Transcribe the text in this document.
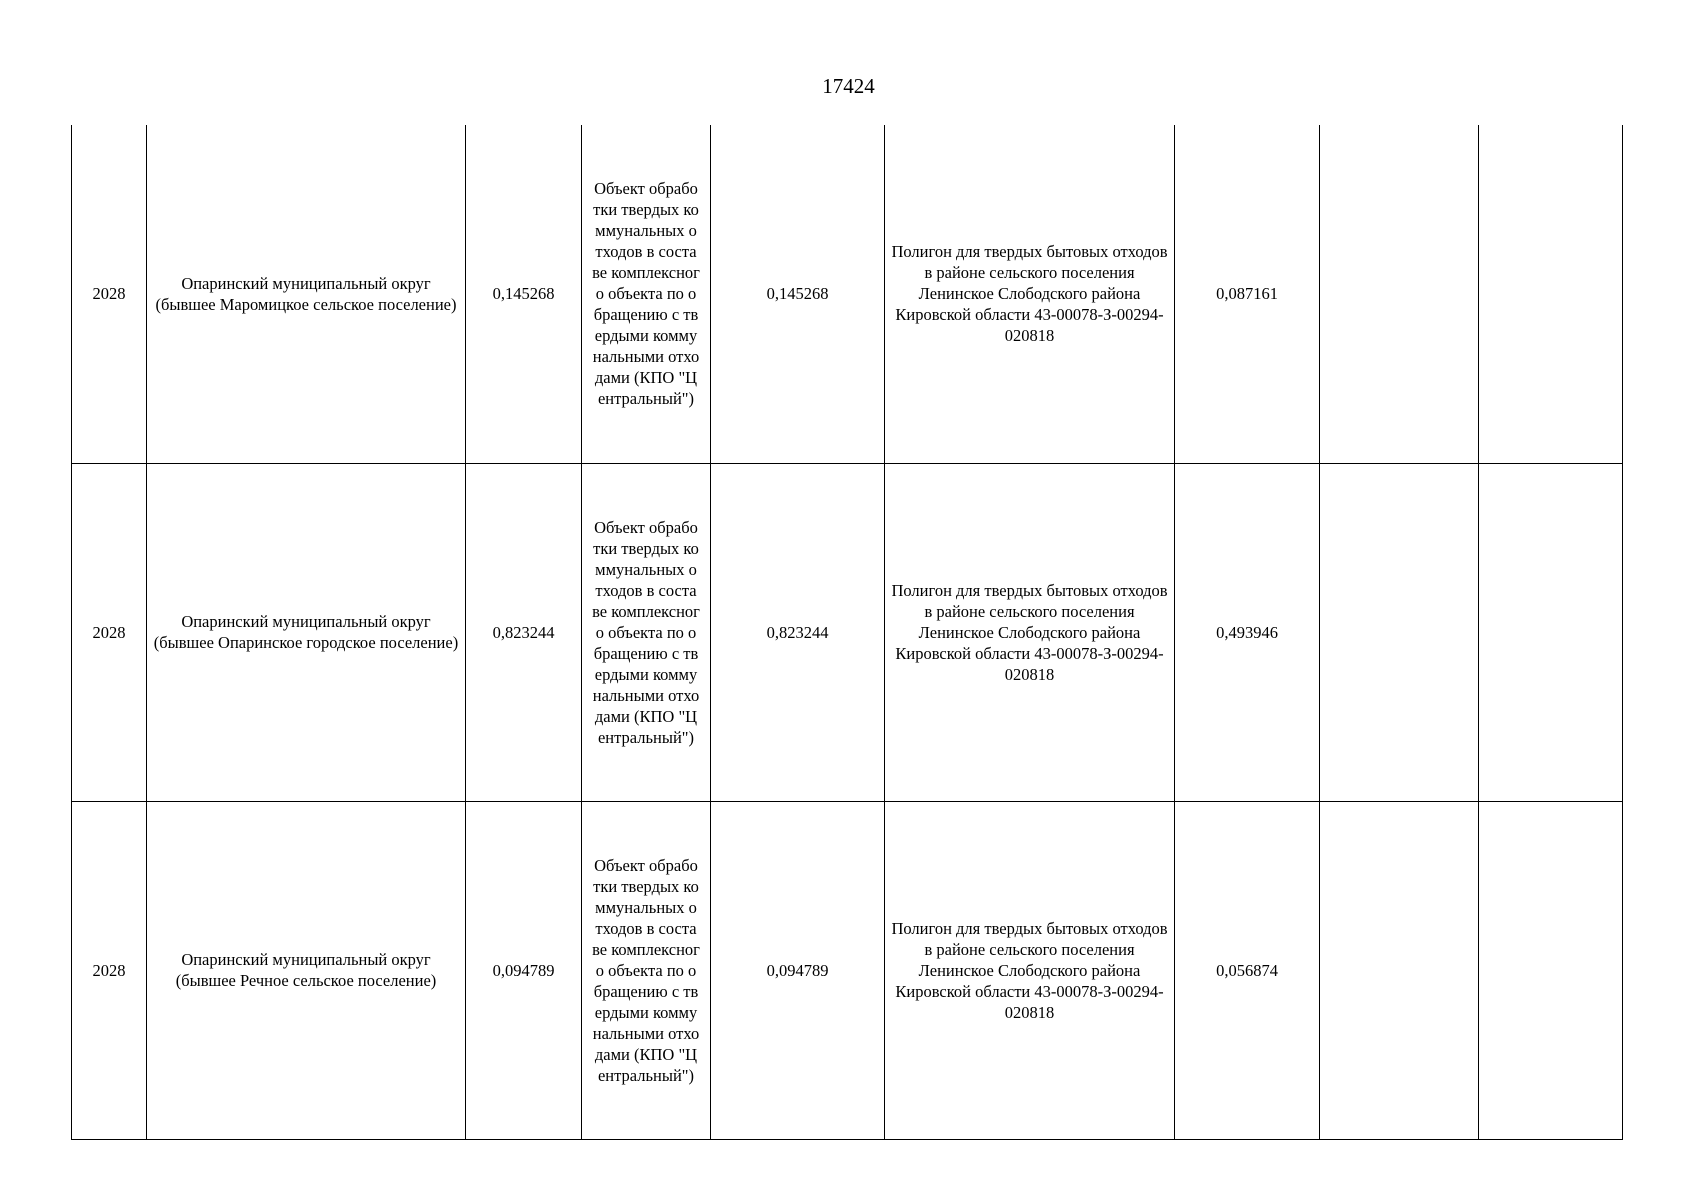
17424
2028	Опаринский муниципальный округ (бывшее Маромицкое сельское поселение)	0,145268	Объект обработки твердых коммунальных отходов в составе комплексного объекта по обращению с твердыми коммунальными отходами (КПО "Центральный")	0,145268	Полигон для твердых бытовых отходов в районе сельского поселения Ленинское Слободского района Кировской области 43-00078-З-00294-020818	0,087161		
2028	Опаринский муниципальный округ (бывшее Опаринское городское поселение)	0,823244	Объект обработки твердых коммунальных отходов в составе комплексного объекта по обращению с твердыми коммунальными отходами (КПО "Центральный")	0,823244	Полигон для твердых бытовых отходов в районе сельского поселения Ленинское Слободского района Кировской области 43-00078-З-00294-020818	0,493946		
2028	Опаринский муниципальный округ (бывшее Речное сельское поселение)	0,094789	Объект обработки твердых коммунальных отходов в составе комплексного объекта по обращению с твердыми коммунальными отходами (КПО "Центральный")	0,094789	Полигон для твердых бытовых отходов в районе сельского поселения Ленинское Слободского района Кировской области 43-00078-З-00294-020818	0,056874		
